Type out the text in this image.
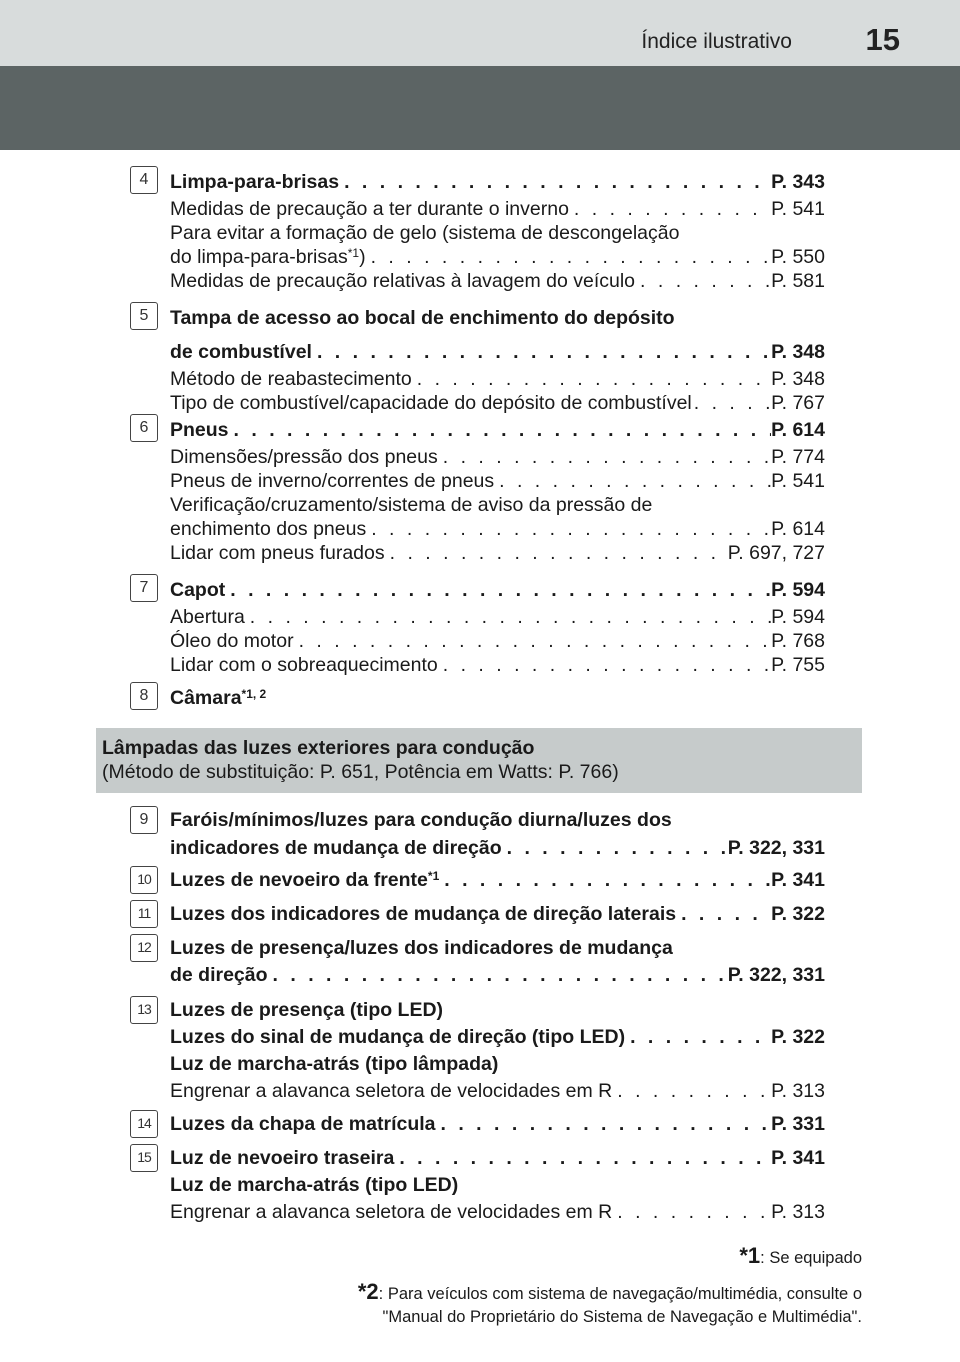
Índice ilustrativo 15
4	Limpa-para-brisas . . .	P. 343
Medidas de precaução a ter durante o inverno . . .	P. 541
Para evitar a formação de gelo (sistema de descongelação
do limpa-para-brisas$^{*1}$) . . .	P. 550
Medidas de precaução relativas à lavagem do veículo . . .	P. 581
5	Tampa de acesso ao bocal de enchimento do depósito
de combustível . . .	P. 348
Método de reabastecimento . . .	P. 348
Tipo de combustível/capacidade do depósito de combustível . . .	P. 767
6	Pneus . . .	P. 614
Dimensões/pressão dos pneus . . .	P. 774
Pneus de inverno/correntes de pneus . . .	P. 541
Verificação/cruzamento/sistema de aviso da pressão de
enchimento dos pneus . . .	P. 614
Lidar com pneus furados . . .	P. 697, 727
7	Capot . . .	P. 594
Abertura . . .	P. 594
Óleo do motor . . .	P. 768
Lidar com o sobreaquecimento . . .	P. 755
8	Câmara$^{*1, 2}$
Lâmpadas das luzes exteriores para condução
(Método de substituição: P. 651, Potência em Watts: P. 766)
9	Faróis/mínimos/luzes para condução diurna/luzes dos
indicadores de mudança de direção . . .	P. 322, 331
10 Luzes de nevoeiro da frente$^{*1}$ . . .	P. 341
11	Luzes dos indicadores de mudança de direção laterais . . .	P. 322
12 Luzes de presença/luzes dos indicadores de mudança
de direção . . .	P. 322, 331
13 Luzes de presença (tipo LED)
Luzes do sinal de mudança de direção (tipo LED) . . .	P. 322
Luz de marcha-atrás (tipo lâmpada)
Engrenar a alavanca seletora de velocidades em R . . .	P. 313
14 Luzes da chapa de matrícula . . .	P. 331
15 Luz de nevoeiro traseira . . .	P. 341
Luz de marcha-atrás (tipo LED)
Engrenar a alavanca seletora de velocidades em R . . .	P. 313
*1: Se equipado
*2: Para veículos com sistema de navegação/multimédia, consulte o
"Manual do Proprietário do Sistema de Navegação e Multimédia".
